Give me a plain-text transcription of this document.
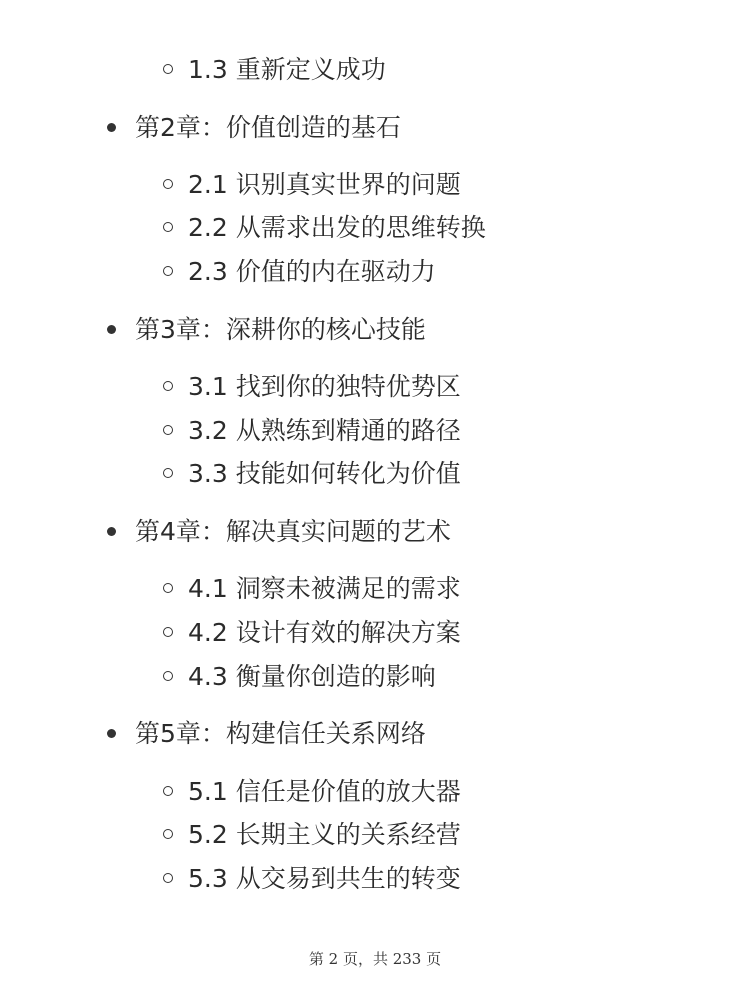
1.3 重新定义成功
第2章：价值创造的基石
2.1 识别真实世界的问题
2.2 从需求出发的思维转换
2.3 价值的内在驱动力
第3章：深耕你的核心技能
3.1 找到你的独特优势区
3.2 从熟练到精通的路径
3.3 技能如何转化为价值
第4章：解决真实问题的艺术
4.1 洞察未被满足的需求
4.2 设计有效的解决方案
4.3 衡量你创造的影响
第5章：构建信任关系网络
5.1 信任是价值的放大器
5.2 长期主义的关系经营
5.3 从交易到共生的转变
第 2 页，共 233 页
